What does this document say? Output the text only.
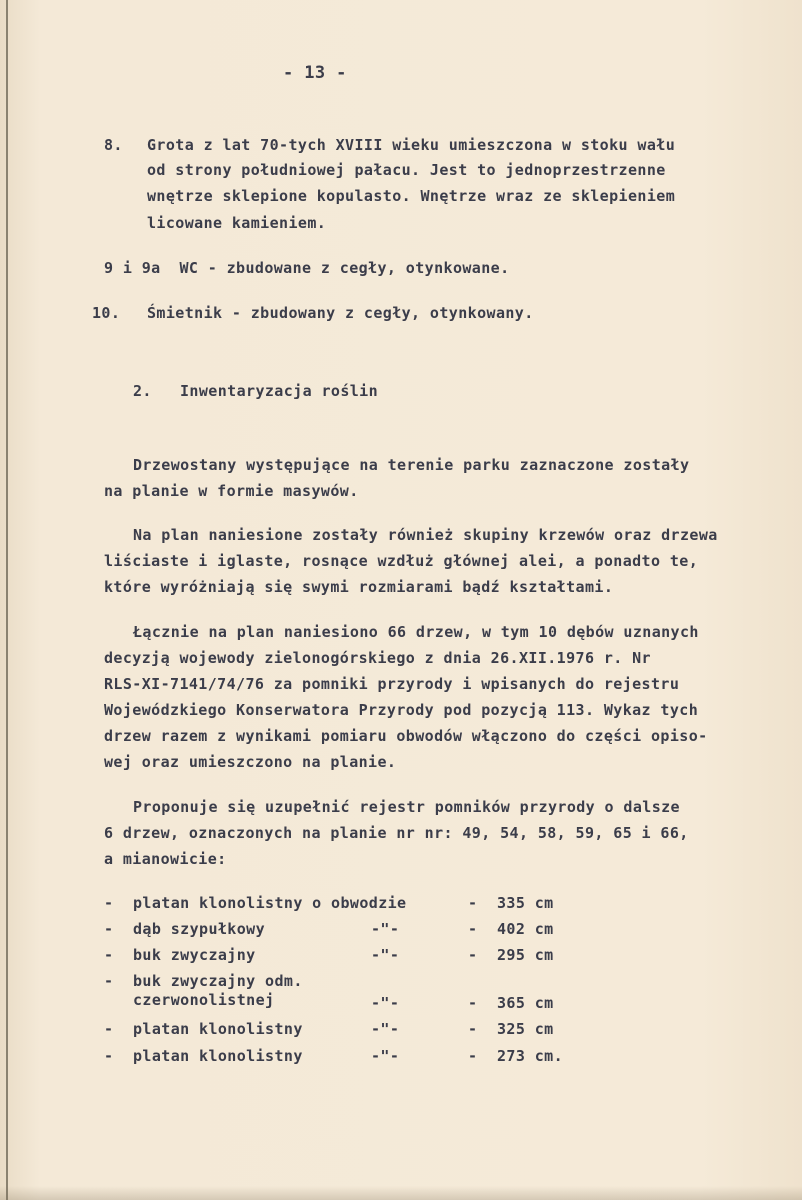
- 13 -
8. Grota z lat 70-tych XVIII wieku umieszczona w stoku wału
od strony południowej pałacu. Jest to jednoprzestrzenne
wnętrze sklepione kopulasto. Wnętrze wraz ze sklepieniem
licowane kamieniem.
9 i 9a  WC - zbudowane z cegły, otynkowane.
10. Śmietnik - zbudowany z cegły, otynkowany.
2. Inwentaryzacja roślin
Drzewostany występujące na terenie parku zaznaczone zostały
na planie w formie masywów.
Na plan naniesione zostały również skupiny krzewów oraz drzewa
liściaste i iglaste, rosnące wzdłuż głównej alei, a ponadto te,
które wyróżniają się swymi rozmiarami bądź kształtami.
Łącznie na plan naniesiono 66 drzew, w tym 10 dębów uznanych
decyzją wojewody zielonogórskiego z dnia 26.XII.1976 r. Nr
RLS-XI-7141/74/76 za pomniki przyrody i wpisanych do rejestru
Wojewódzkiego Konserwatora Przyrody pod pozycją 113. Wykaz tych
drzew razem z wynikami pomiaru obwodów włączono do części opiso-
wej oraz umieszczono na planie.
Proponuje się uzupełnić rejestr pomników przyrody o dalsze
6 drzew, oznaczonych na planie nr nr: 49, 54, 58, 59, 65 i 66,
a mianowicie:
- platan klonolistny o obwodzie	- 335 cm
- dąb szypułkowy	-"-	- 402 cm
- buk zwyczajny	-"-	- 295 cm
- buk zwyczajny odm.
czerwonolistnej	-"-	- 365 cm
- platan klonolistny	-"-	- 325 cm
- platan klonolistny	-"-	- 273 cm.
